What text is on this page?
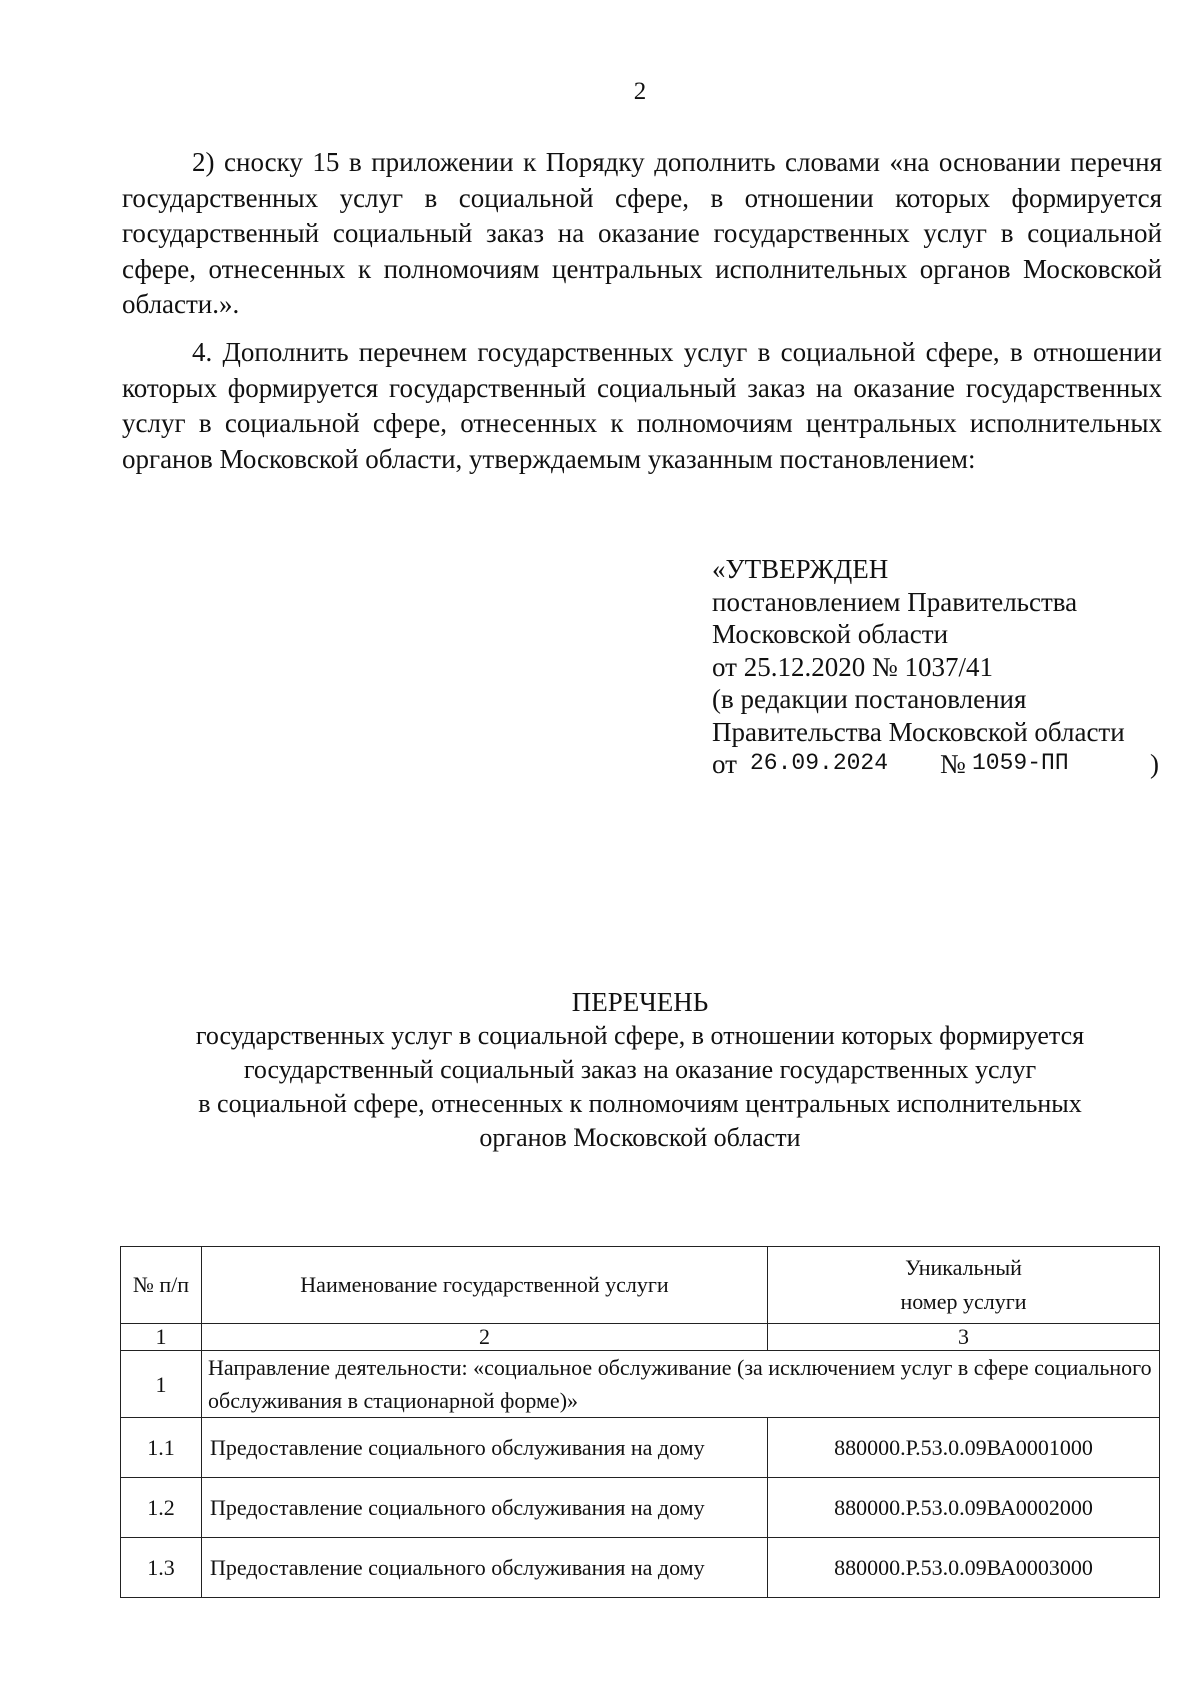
2

2) сноску 15 в приложении к Порядку дополнить словами «на основании перечня государственных услуг в социальной сфере, в отношении которых формируется государственный социальный заказ на оказание государственных услуг в социальной сфере, отнесенных к полномочиям центральных исполнительных органов Московской области.».

4. Дополнить перечнем государственных услуг в социальной сфере, в отношении которых формируется государственный социальный заказ на оказание государственных услуг в социальной сфере, отнесенных к полномочиям центральных исполнительных органов Московской области, утверждаемым указанным постановлением:

«УТВЕРЖДЕН
постановлением Правительства
Московской области
от 25.12.2020 № 1037/41
(в редакции постановления
Правительства Московской области
от 26.09.2024 № 1059-ПП	)
ПЕРЕЧЕНЬ
государственных услуг в социальной сфере, в отношении которых формируется
государственный социальный заказ на оказание государственных услуг
в социальной сфере, отнесенных к полномочиям центральных исполнительных
органов Московской области
№ п/п	Наименование государственной услуги	Уникальный
номер услуги

1	2	3
1	Направление деятельности: «социальное обслуживание (за исключением услуг в сфере социального обслуживания в стационарной форме)»	
1.1	Предоставление социального обслуживания на дому	880000.Р.53.0.09ВА0001000
1.2	Предоставление социального обслуживания на дому	880000.Р.53.0.09ВА0002000
1.3	Предоставление социального обслуживания на дому	880000.Р.53.0.09ВА0003000
